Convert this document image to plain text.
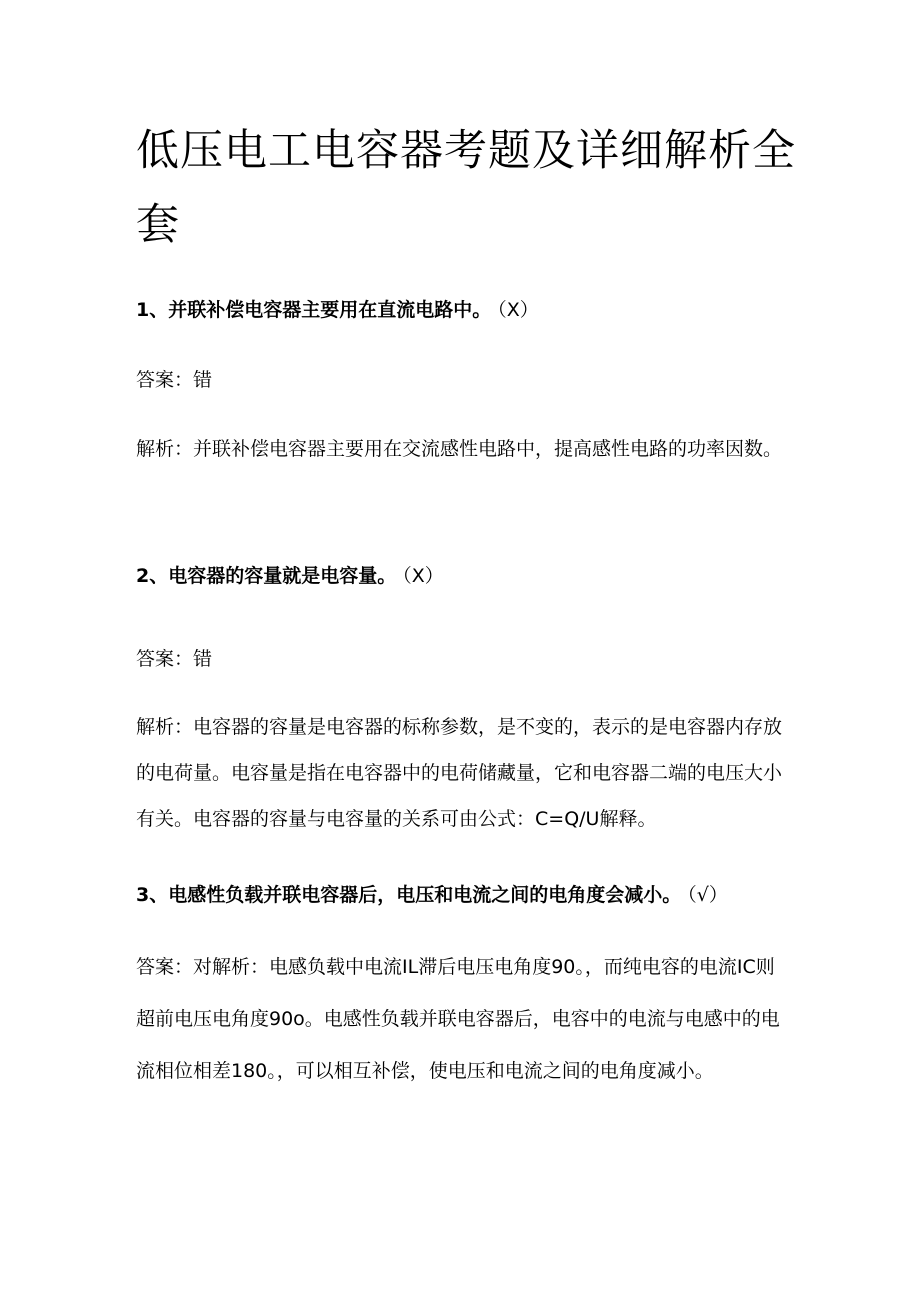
低压电工电容器考题及详细解析全套
1、并联补偿电容器主要用在直流电路中。 （X）
答案：错
解析：并联补偿电容器主要用在交流感性电路中，提高感性电路的功率因数。
2、电容器的容量就是电容量。 （X）
答案：错
解析：电容器的容量是电容器的标称参数，是不变的，表示的是电容器内存放的电荷量。电容量是指在电容器中的电荷储藏量，它和电容器二端的电压大小有关。电容器的容量与电容量的关系可由公式：C=Q/U解释。
3、电感性负载并联电容器后，电压和电流之间的电角度会减小。 （√）
答案：对解析：电感负载中电流IL滞后电压电角度90。，而纯电容的电流IC则超前电压电角度90o。电感性负载并联电容器后，电容中的电流与电感中的电流相位相差180。，可以相互补偿，使电压和电流之间的电角度减小。
